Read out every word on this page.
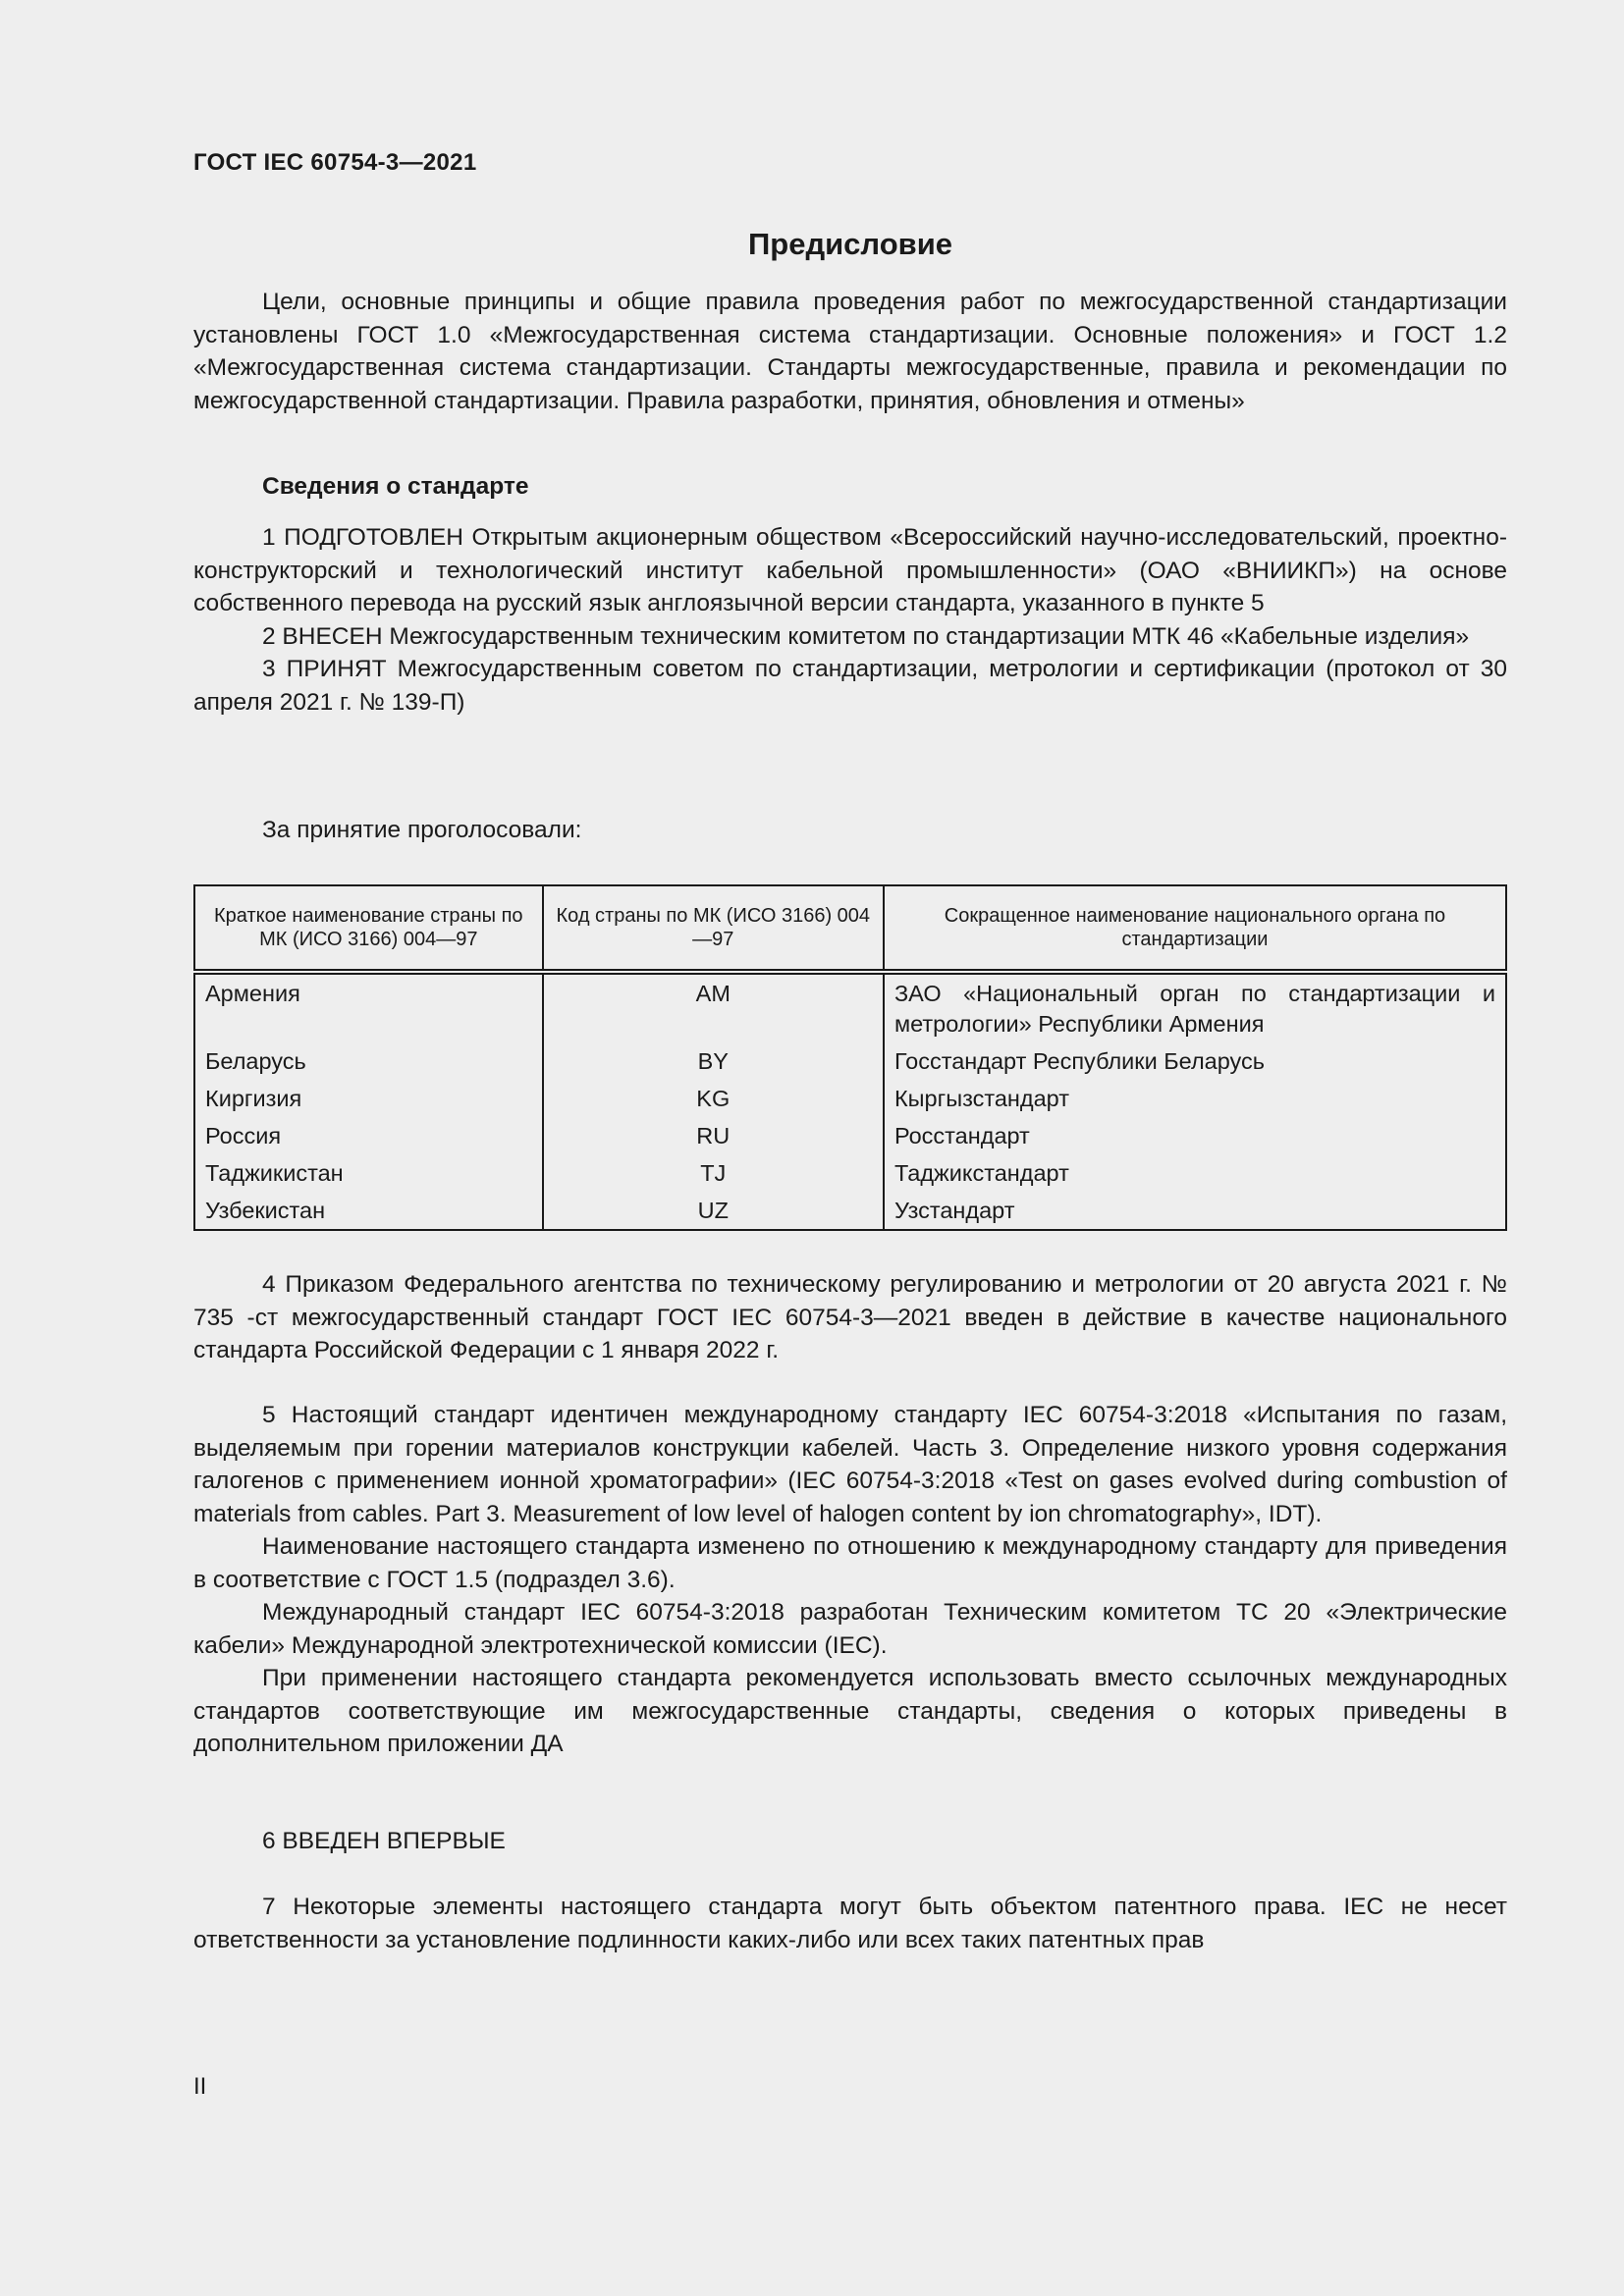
ГОСТ IEC 60754-3—2021
Предисловие

Цели, основные принципы и общие правила проведения работ по межгосударственной стандартизации установлены ГОСТ 1.0 «Межгосударственная система стандартизации. Основные положения» и ГОСТ 1.2 «Межгосударственная система стандартизации. Стандарты межгосударственные, правила и рекомендации по межгосударственной стандартизации. Правила разработки, принятия, обновления и отмены»

Сведения о стандарте

1 ПОДГОТОВЛЕН Открытым акционерным обществом «Всероссийский научно-исследовательский, проектно-конструкторский и технологический институт кабельной промышленности» (ОАО «ВНИИКП») на основе собственного перевода на русский язык англоязычной версии стандарта, указанного в пункте 5

2 ВНЕСЕН Межгосударственным техническим комитетом по стандартизации МТК 46 «Кабельные изделия»

3 ПРИНЯТ Межгосударственным советом по стандартизации, метрологии и сертификации (протокол от 30 апреля 2021 г. № 139-П)

За принятие проголосовали:
Краткое наименование страны по МК (ИСО 3166) 004—97	Код страны по МК (ИСО 3166) 004—97	Сокращенное наименование национального органа по стандартизации
Армения	AM	ЗАО «Национальный орган по стандартизации и метрологии» Республики Армения
Беларусь	BY	Госстандарт Республики Беларусь
Киргизия	KG	Кыргызстандарт
Россия	RU	Росстандарт
Таджикистан	TJ	Таджикстандарт
Узбекистан	UZ	Узстандарт

4 Приказом Федерального агентства по техническому регулированию и метрологии от 20 августа 2021 г. № 735 -ст межгосударственный стандарт ГОСТ IEC 60754-3—2021 введен в действие в качестве национального стандарта Российской Федерации с 1 января 2022 г.

5 Настоящий стандарт идентичен международному стандарту IEC 60754-3:2018 «Испытания по газам, выделяемым при горении материалов конструкции кабелей. Часть 3. Определение низкого уровня содержания галогенов с применением ионной хроматографии» (IEC 60754-3:2018 «Test on gases evolved during combustion of materials from cables. Part 3. Measurement of low level of halogen content by ion chromatography», IDT).

Наименование настоящего стандарта изменено по отношению к международному стандарту для приведения в соответствие с ГОСТ 1.5 (подраздел 3.6).

Международный стандарт IEC 60754-3:2018 разработан Техническим комитетом TC 20 «Электрические кабели» Международной электротехнической комиссии (IEC).

При применении настоящего стандарта рекомендуется использовать вместо ссылочных международных стандартов соответствующие им межгосударственные стандарты, сведения о которых приведены в дополнительном приложении ДА

6 ВВЕДЕН ВПЕРВЫЕ

7 Некоторые элементы настоящего стандарта могут быть объектом патентного права. IEC не несет ответственности за установление подлинности каких-либо или всех таких патентных прав

II
